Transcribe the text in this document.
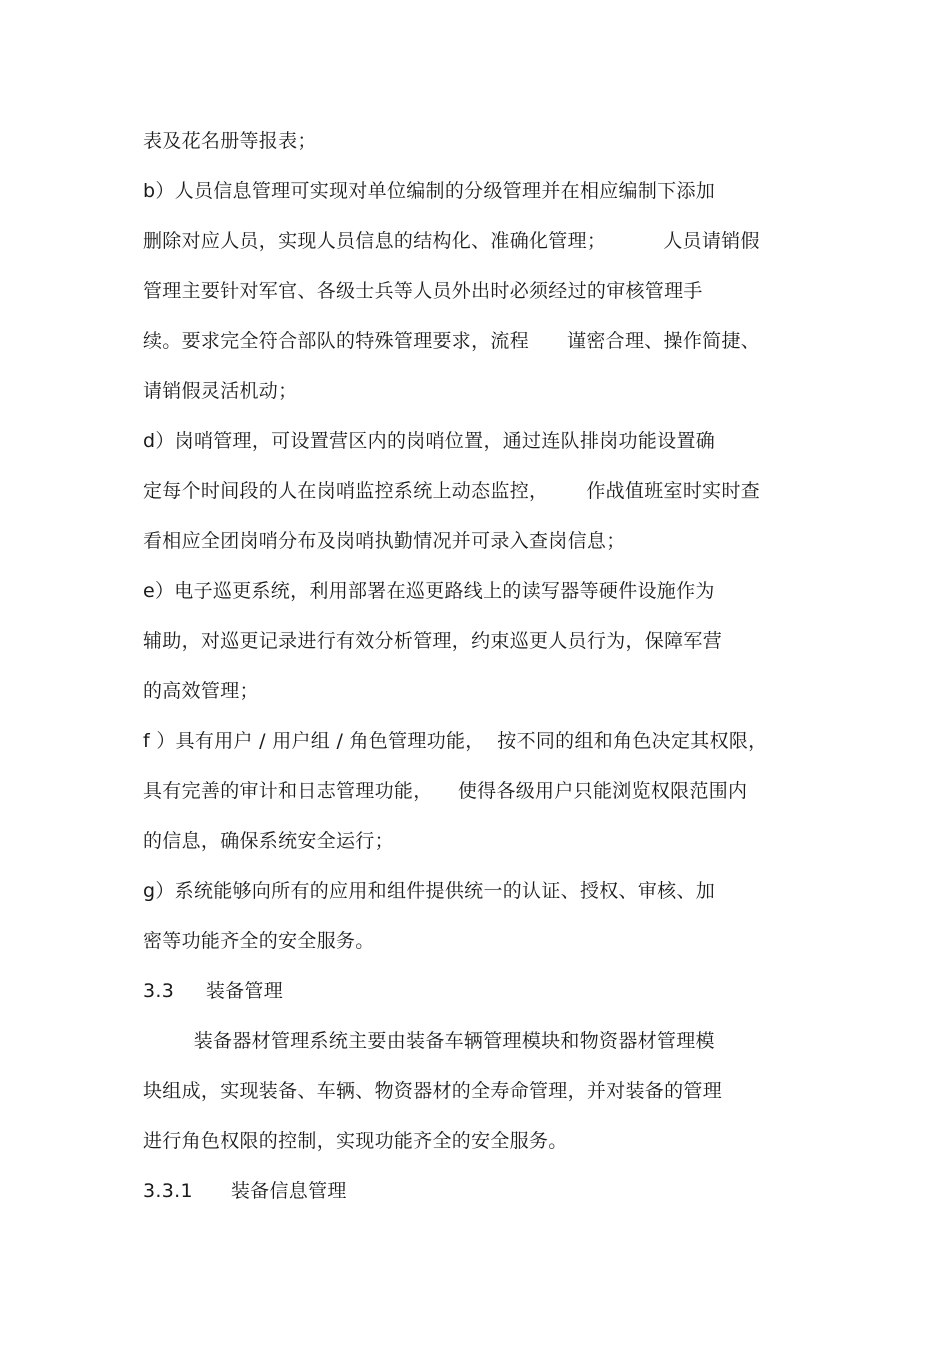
表及花名册等报表；
b）人员信息管理可实现对单位编制的分级管理并在相应编制下添加
删除对应人员，实现人员信息的结构化、准确化管理；         人员请销假
管理主要针对军官、各级士兵等人员外出时必须经过的审核管理手
续。要求完全符合部队的特殊管理要求，流程      谨密合理、操作简捷、
请销假灵活机动；
d）岗哨管理，可设置营区内的岗哨位置，通过连队排岗功能设置确
定每个时间段的人在岗哨监控系统上动态监控，      作战值班室时实时查
看相应全团岗哨分布及岗哨执勤情况并可录入查岗信息；
e）电子巡更系统，利用部署在巡更路线上的读写器等硬件设施作为
辅助，对巡更记录进行有效分析管理，约束巡更人员行为，保障军营
的高效管理；
f ）具有用户 / 用户组 / 角色管理功能，  按不同的组和角色决定其权限，
具有完善的审计和日志管理功能，    使得各级用户只能浏览权限范围内
的信息，确保系统安全运行；
g）系统能够向所有的应用和组件提供统一的认证、授权、审核、加
密等功能齐全的安全服务。
3.3     装备管理
装备器材管理系统主要由装备车辆管理模块和物资器材管理模
块组成，实现装备、车辆、物资器材的全寿命管理，并对装备的管理
进行角色权限的控制，实现功能齐全的安全服务。
3.3.1      装备信息管理
